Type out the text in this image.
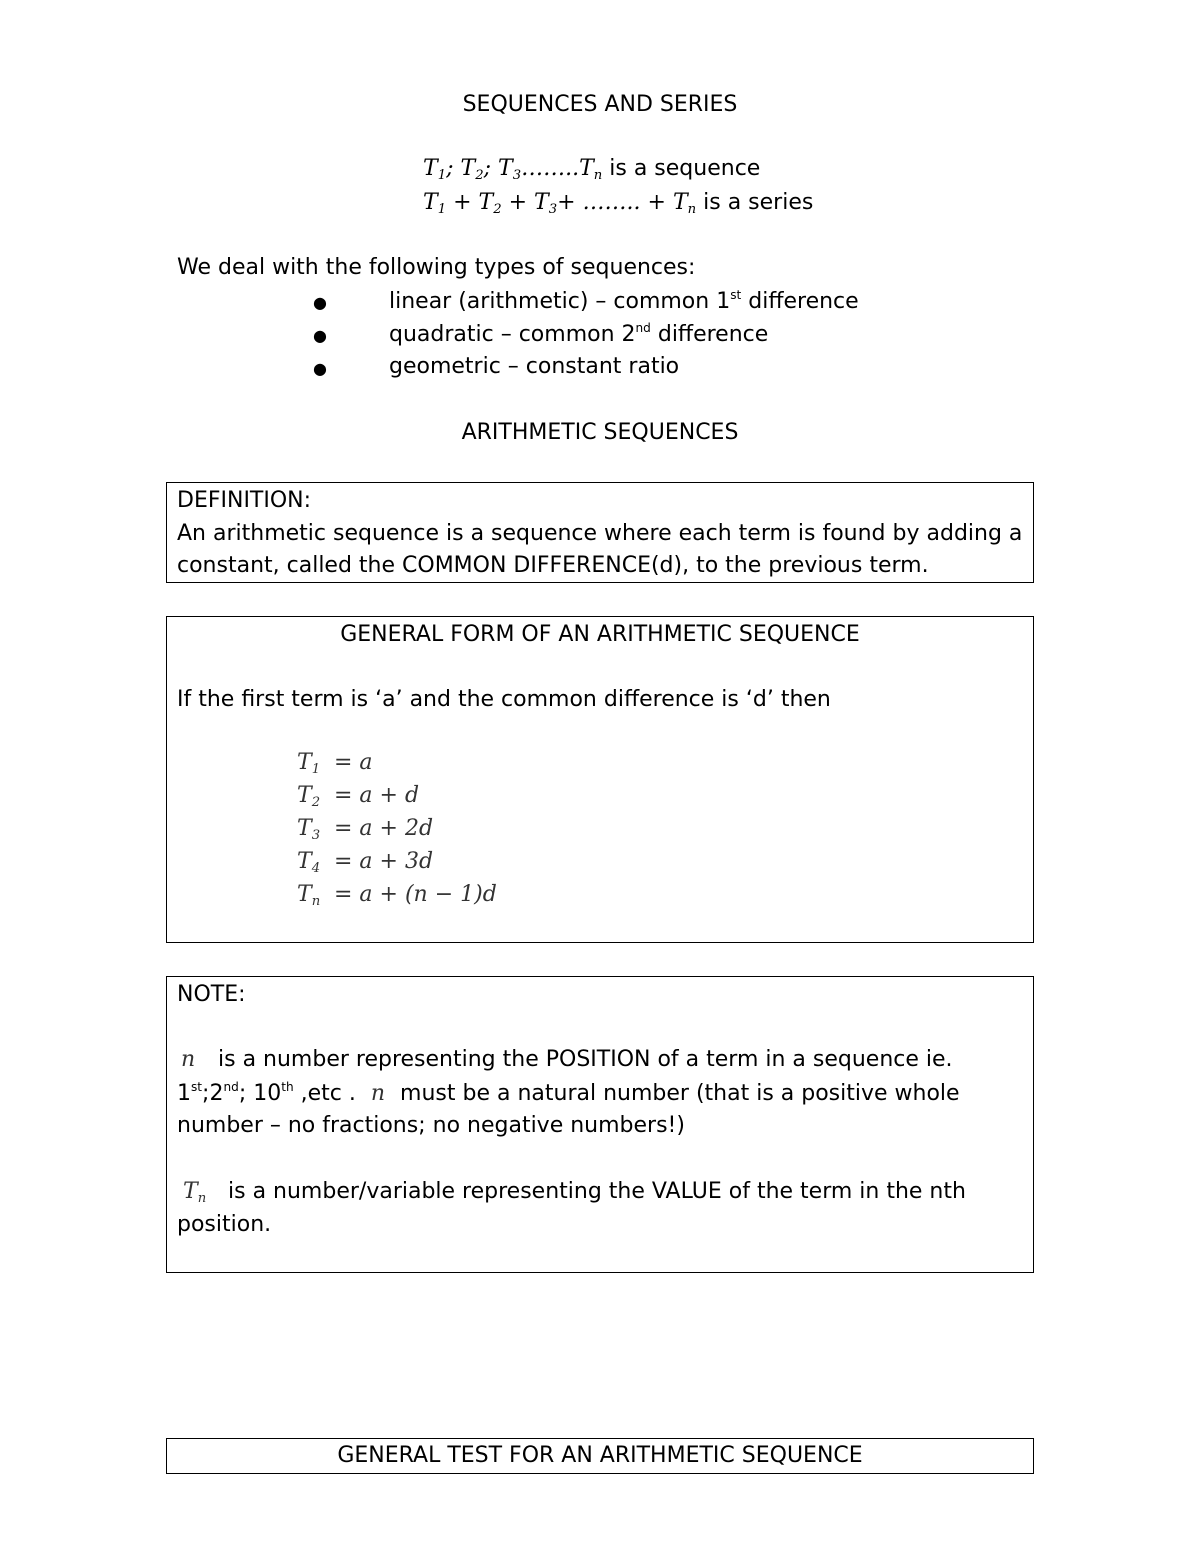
SEQUENCES AND SERIES
$T_1$; $T_2$; $T_3\dots\dots..T_n$ is a sequence
$T_1 + T_2 + T_3+$ …….. + $T_n$ is a series
We deal with the following types of sequences:
●	linear (arithmetic) – common 1st difference
●	quadratic – common 2nd difference
●	geometric – constant ratio
ARITHMETIC SEQUENCES
DEFINITION:
An arithmetic sequence is a sequence where each term is found by adding a
constant, called the COMMON DIFFERENCE(d), to the previous term.
GENERAL FORM OF AN ARITHMETIC SEQUENCE
If the first term is ‘a’ and the common difference is ‘d’ then
$T_1 = a$
$T_2 = a + d$
$T_3 = a + 2d$
$T_4 = a + 3d$
$T_n = a + (n - 1)d$
NOTE:
n is a number representing the POSITION of a term in a sequence ie.
1st;2nd; 10th ,etc . n must be a natural number (that is a positive whole
number – no fractions; no negative numbers!)
$T_n$ is a number/variable representing the VALUE of the term in the nth
position.
GENERAL TEST FOR AN ARITHMETIC SEQUENCE
